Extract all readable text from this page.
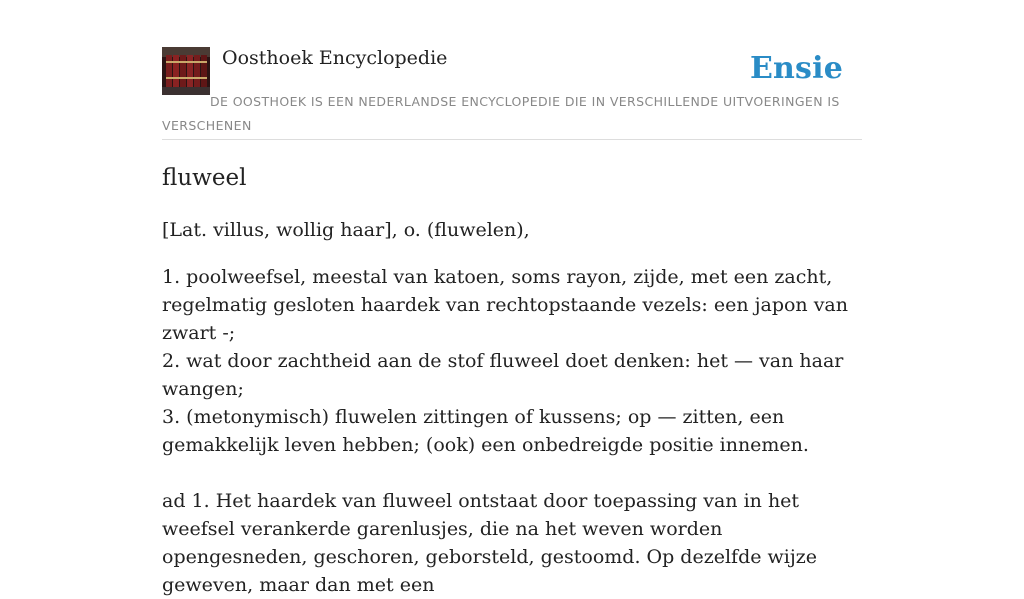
Oosthoek Encyclopedie	Ensie
DE OOSTHOEK IS EEN NEDERLANDSE ENCYCLOPEDIE DIE IN VERSCHILLENDE UITVOERINGEN IS VERSCHENEN
fluweel

[Lat. villus, wollig haar], o. (fluwelen),

1. poolweefsel, meestal van katoen, soms rayon, zijde, met een zacht, regelmatig gesloten haardek van rechtopstaande vezels: een japon van zwart -;
2. wat door zachtheid aan de stof fluweel doet denken: het — van haar wangen;
3. (metonymisch) fluwelen zittingen of kussens; op — zitten, een gemakkelijk leven hebben; (ook) een onbedreigde positie innemen.

ad 1. Het haardek van fluweel ontstaat door toepassing van in het weefsel verankerde garenlusjes, die na het weven worden opengesneden, geschoren, geborsteld, gestoomd. Op dezelfde wijze geweven, maar dan met een
